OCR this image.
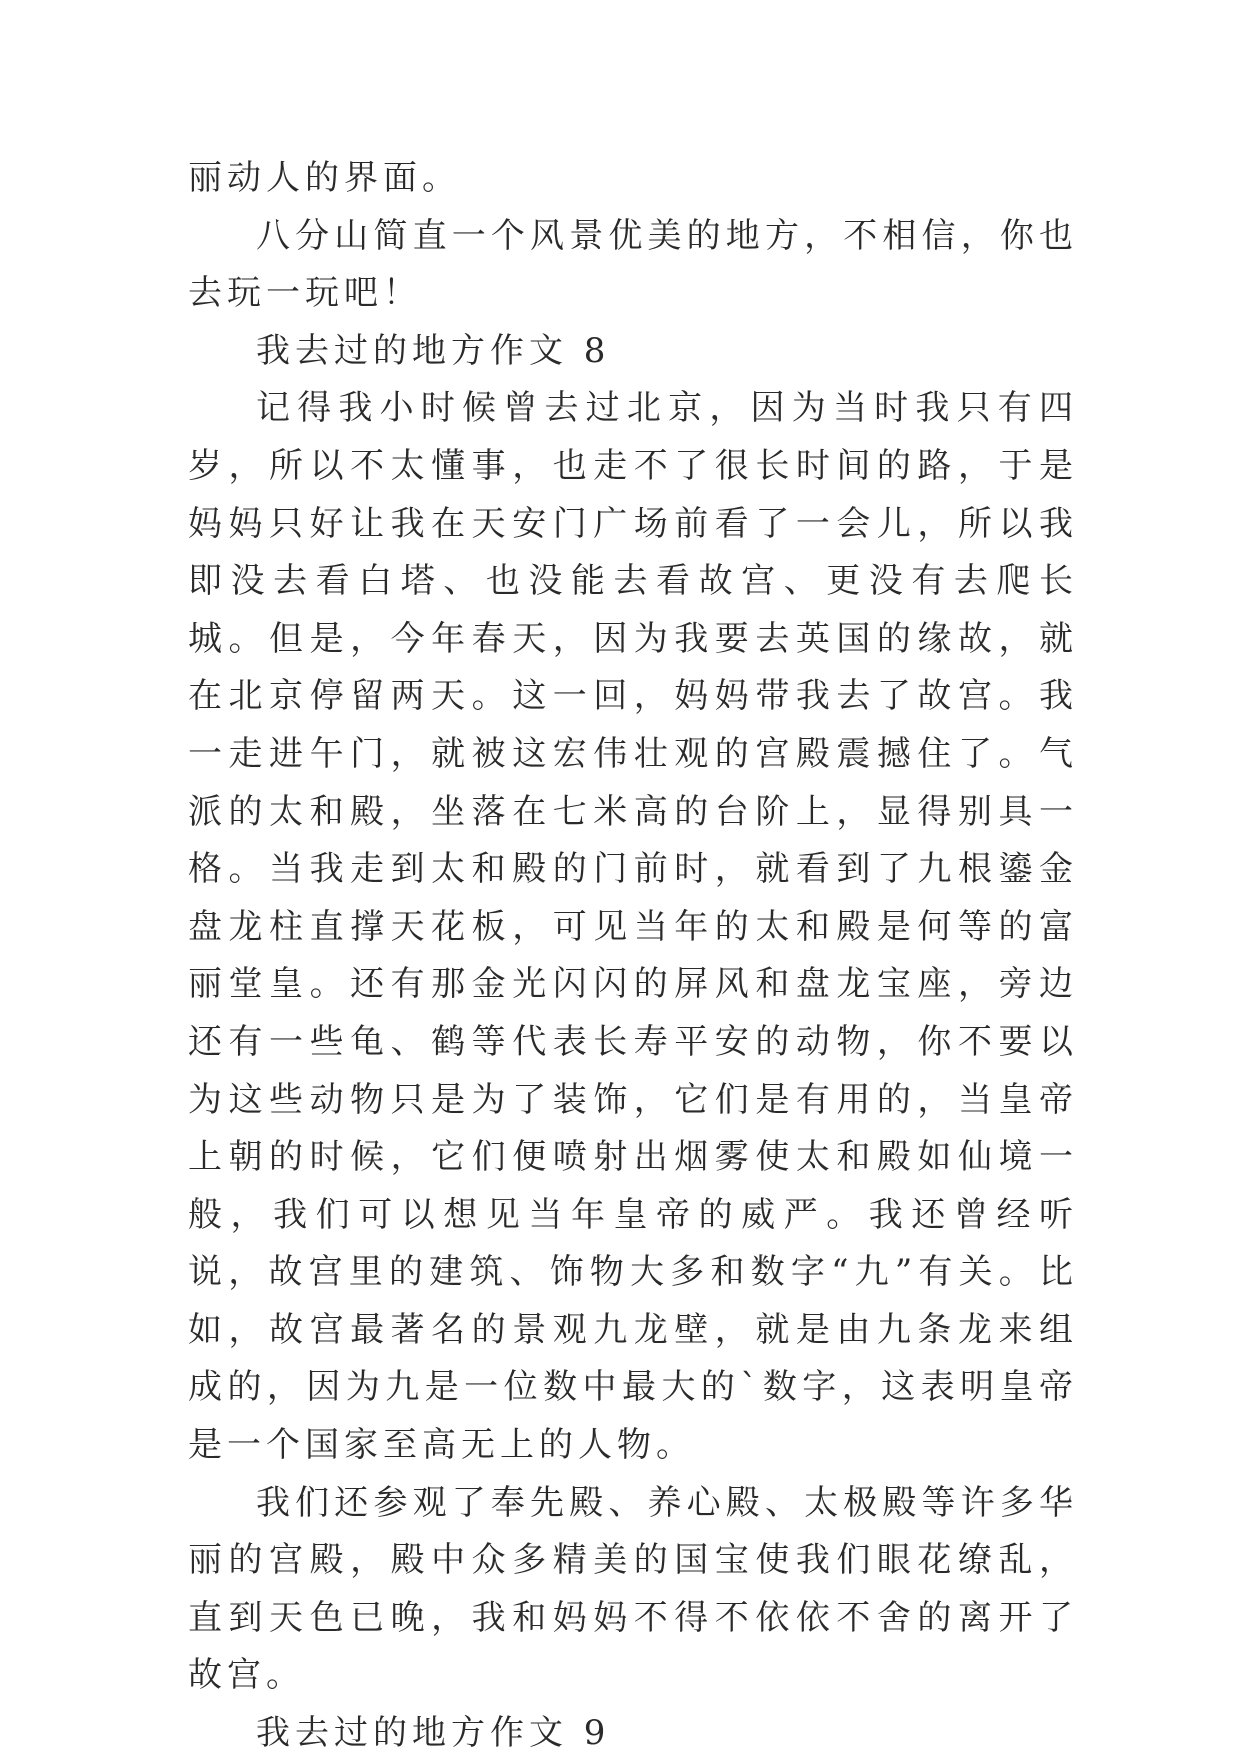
丽动人的界面。

八分山简直一个风景优美的地方，不相信，你也去玩一玩吧！

我去过的地方作文 8

记得我小时候曾去过北京，因为当时我只有四岁，所以不太懂事，也走不了很长时间的路，于是妈妈只好让我在天安门广场前看了一会儿，所以我即没去看白塔、也没能去看故宫、更没有去爬长城。但是，今年春天，因为我要去英国的缘故，就在北京停留两天。这一回，妈妈带我去了故宫。我一走进午门，就被这宏伟壮观的宫殿震撼住了。气派的太和殿，坐落在七米高的台阶上，显得别具一格。当我走到太和殿的门前时，就看到了九根鎏金盘龙柱直撑天花板，可见当年的太和殿是何等的富丽堂皇。还有那金光闪闪的屏风和盘龙宝座，旁边还有一些龟、鹤等代表长寿平安的动物，你不要以为这些动物只是为了装饰，它们是有用的，当皇帝上朝的时候，它们便喷射出烟雾使太和殿如仙境一般，我们可以想见当年皇帝的威严。我还曾经听说，故宫里的建筑、饰物大多和数字“九”有关。比如，故宫最著名的景观九龙壁，就是由九条龙来组成的，因为九是一位数中最大的`数字，这表明皇帝是一个国家至高无上的人物。

我们还参观了奉先殿、养心殿、太极殿等许多华丽的宫殿，殿中众多精美的国宝使我们眼花缭乱，直到天色已晚，我和妈妈不得不依依不舍的离开了故宫。

我去过的地方作文 9
